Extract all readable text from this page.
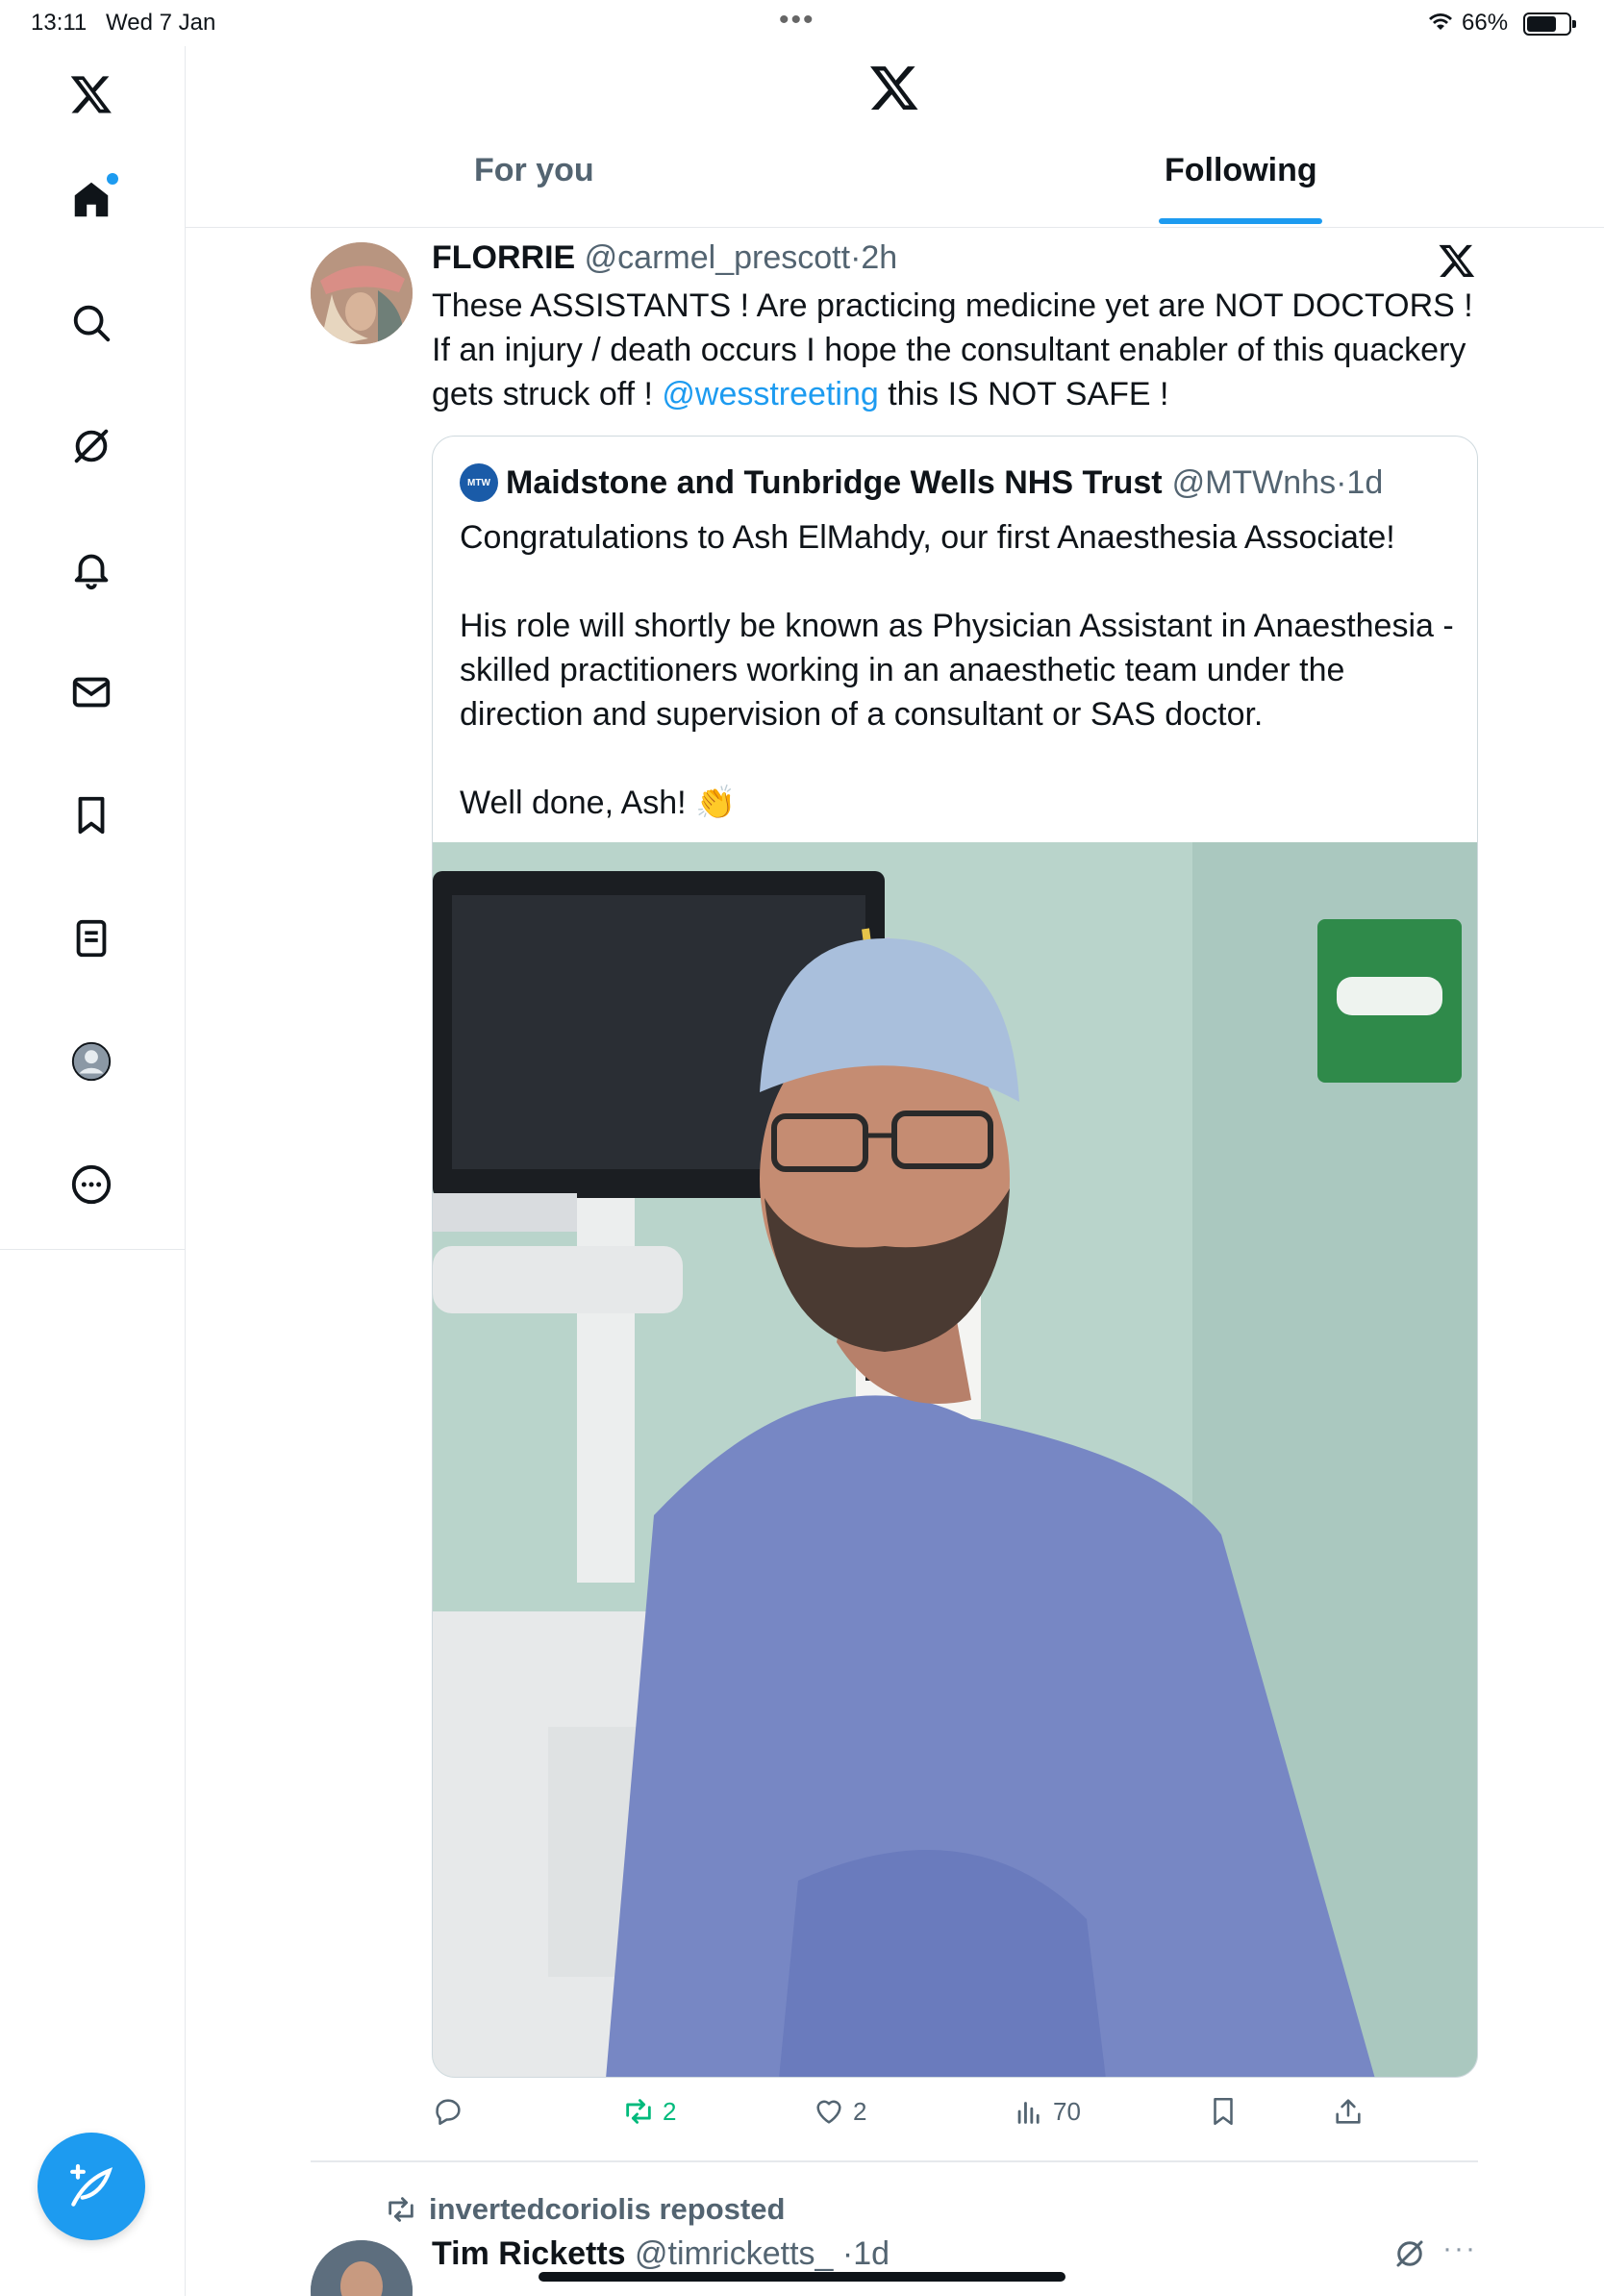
13:11 Wed 7 Jan	•••	66%
For you	Following
FLORRIE @carmel_prescott·2h
These ASSISTANTS ! Are practicing medicine yet are NOT DOCTORS ! If an injury / death occurs I hope the consultant enabler of this quackery gets struck off ! @wesstreeting this IS NOT SAFE !
MTW Maidstone and Tunbridge Wells NHS Trust @MTWnhs · 1d

Congratulations to Ash ElMahdy, our first Anaesthesia Associate!

His role will shortly be known as Physician Assistant in Anaesthesia - skilled practitioners working in an anaesthetic team under the direction and supervision of a consultant or SAS doctor.

Well done, Ash! 👏

2	2	70
invertedcoriolis reposted
Tim Ricketts @timricketts_ ·1d	···
